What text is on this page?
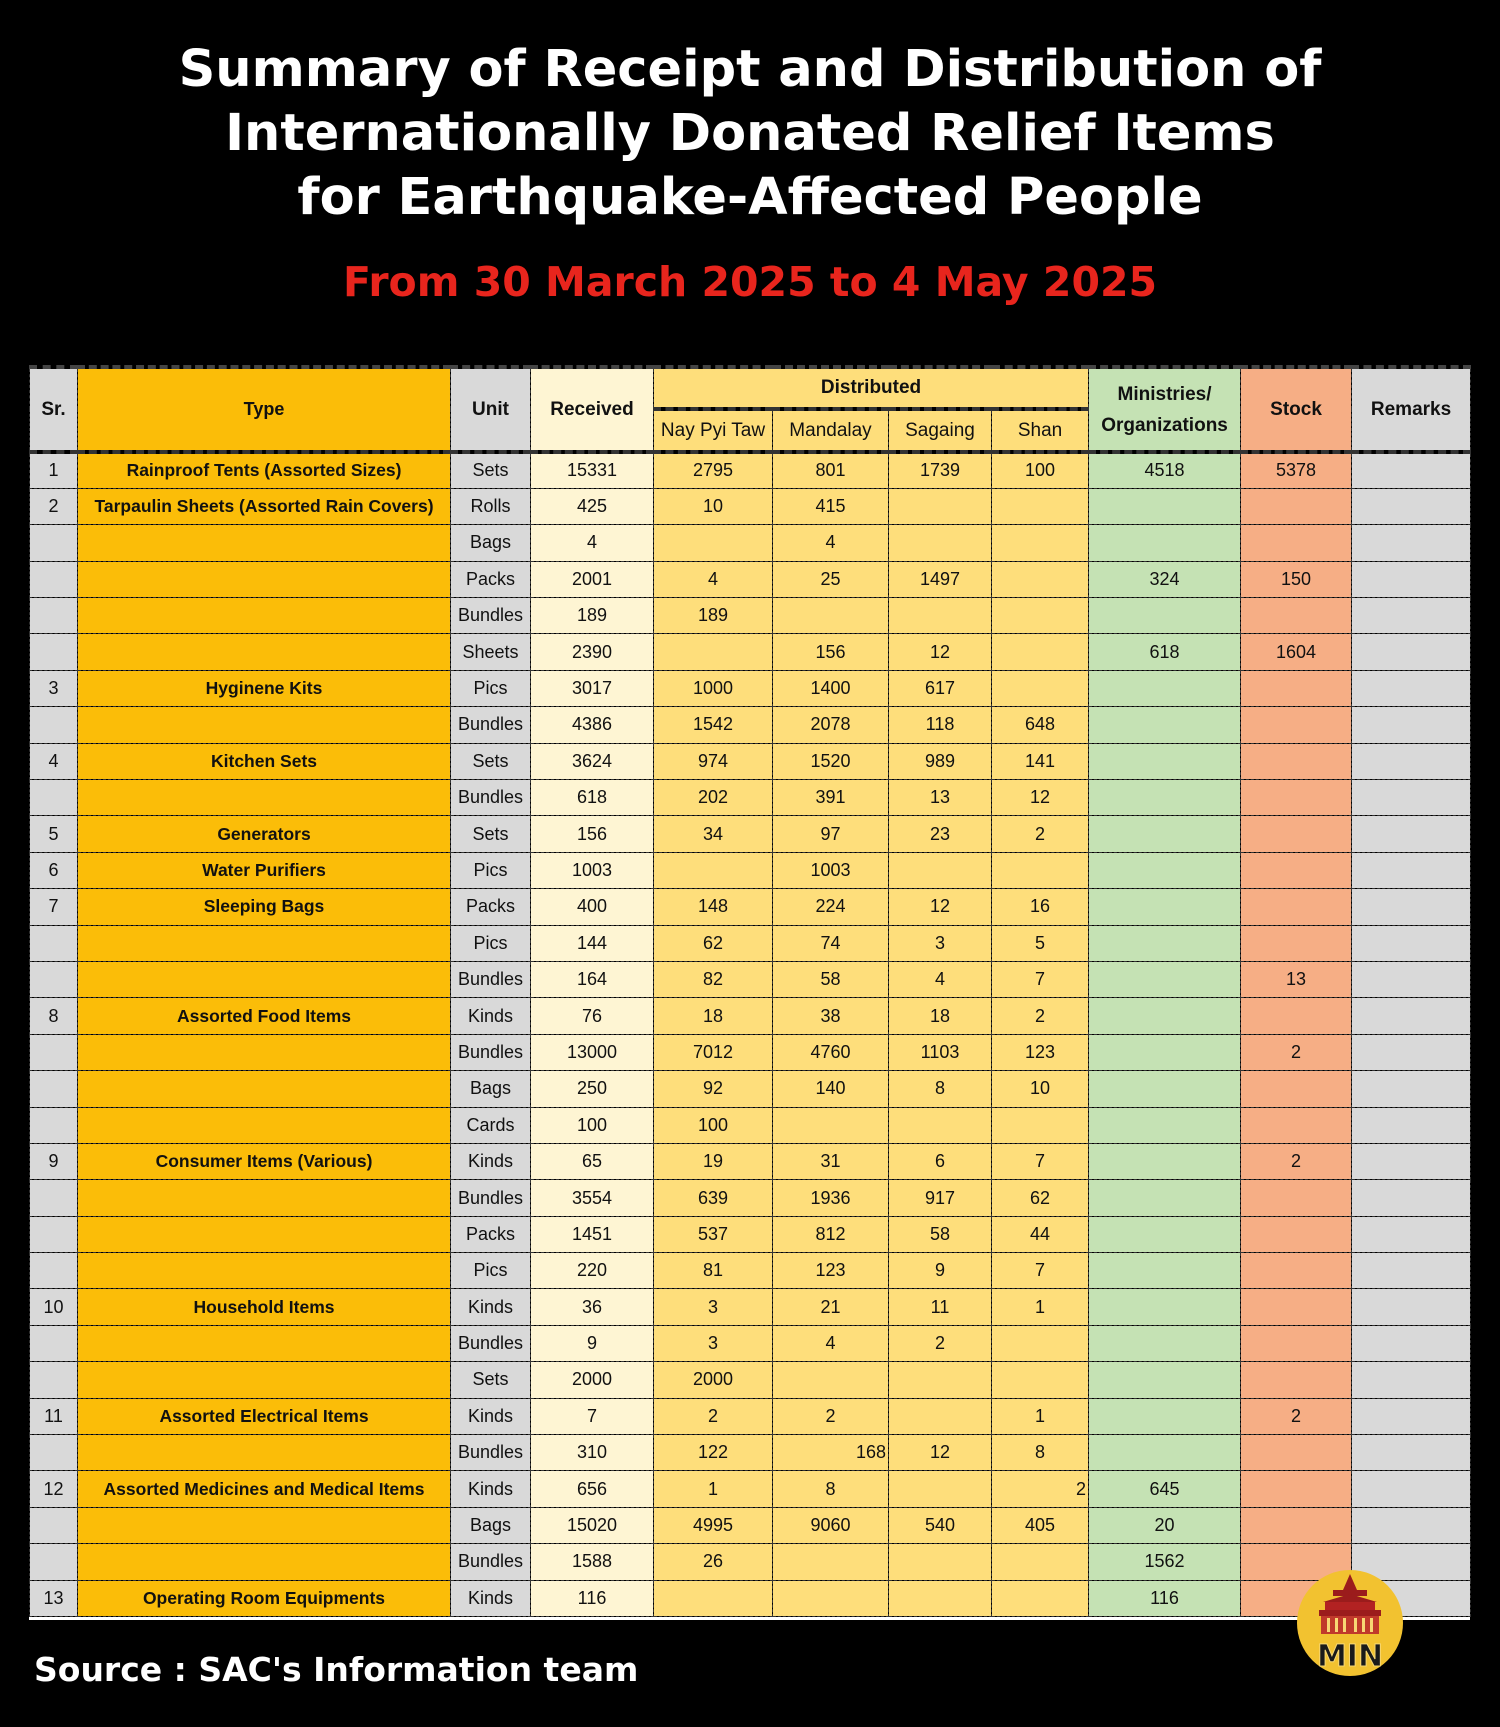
Summary of Receipt and Distribution of
Internationally Donated Relief Items
for Earthquake-Affected People
From 30 March 2025 to 4 May 2025
Sr.	Type	Unit	Received	Distributed				Ministries/ Organizations	Stock	Remarks
				Nay Pyi Taw	Mandalay	Sagaing	Shan			
1	Rainproof Tents (Assorted Sizes)	Sets	15331	2795	801	1739	100	4518	5378	
2	Tarpaulin Sheets (Assorted Rain Covers)	Rolls	425	10	415					
		Bags	4		4					
		Packs	2001	4	25	1497		324	150	
		Bundles	189	189						
		Sheets	2390		156	12		618	1604	
3	Hyginene Kits	Pics	3017	1000	1400	617				
		Bundles	4386	1542	2078	118	648			
4	Kitchen Sets	Sets	3624	974	1520	989	141			
		Bundles	618	202	391	13	12			
5	Generators	Sets	156	34	97	23	2			
6	Water Purifiers	Pics	1003		1003					
7	Sleeping Bags	Packs	400	148	224	12	16			
		Pics	144	62	74	3	5			
		Bundles	164	82	58	4	7		13	
8	Assorted Food Items	Kinds	76	18	38	18	2			
		Bundles	13000	7012	4760	1103	123		2	
		Bags	250	92	140	8	10			
		Cards	100	100						
9	Consumer Items (Various)	Kinds	65	19	31	6	7		2	
		Bundles	3554	639	1936	917	62			
		Packs	1451	537	812	58	44			
		Pics	220	81	123	9	7			
10	Household Items	Kinds	36	3	21	11	1			
		Bundles	9	3	4	2				
		Sets	2000	2000						
11	Assorted Electrical Items	Kinds	7	2	2		1		2	
		Bundles	310	122	168	12	8			
12	Assorted Medicines and Medical Items	Kinds	656	1	8		2	645		
		Bags	15020	4995	9060	540	405	20		
		Bundles	1588	26				1562		
13	Operating Room Equipments	Kinds	116					116		
Source : SAC's Information team	MIN
